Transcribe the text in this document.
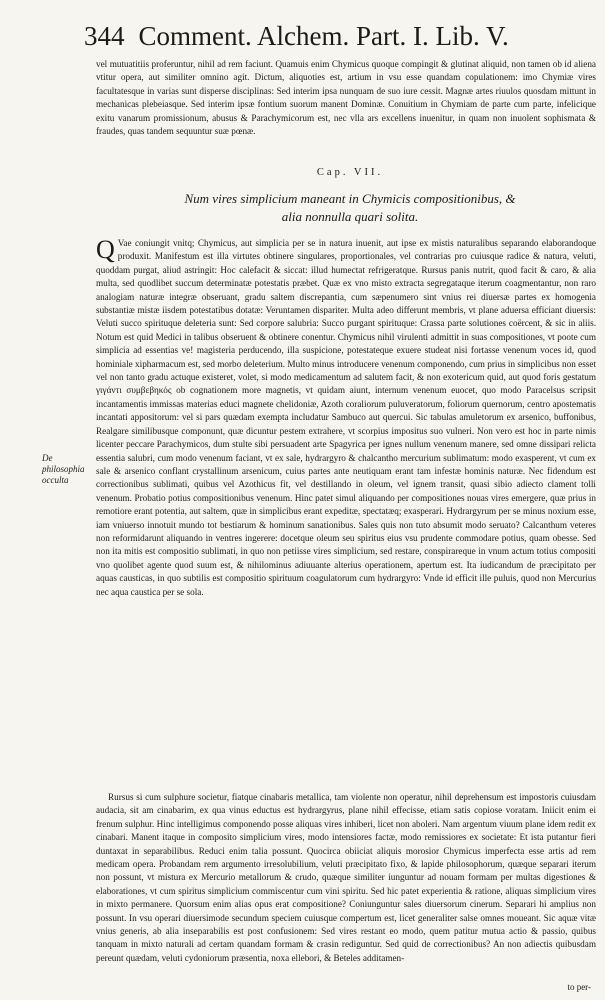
344 Comment. Alchem. Part. I. Lib. V.

vel mutuatitiis proferuntur, nihil ad rem faciunt. Quamuis enim Chymicus quoque compingit & glutinat aliquid, non tamen ob id aliena vtitur opera, aut similiter omnino agit. Dictum, aliquoties est, artium in vsu esse quandam copulationem: imo Chymiæ vires facultatesque in varias sunt disperse disciplinas: Sed interim ipsa nunquam de suo iure cessit. Magnæ artes riuulos quosdam mittunt in mechanicas plebeiasque. Sed interim ipsæ fontium suorum manent Dominæ. Conuitium in Chymiam de parte cum parte, infelicique exitu vanarum promissionum, abusus & Parachymicorum est, nec vlla ars excellens inuenitur, in quam non inuolent sophismata & fraudes, quas tandem sequuntur suæ pœnæ.

Cap. VII.
Num vires simplicium maneant in Chymicis compositionibus, &
alia nonnulla quari solita.
De philosophia occulta

Q Vae coniungit vnitq; Chymicus, aut simplicia per se in natura inuenit, aut ipse ex mistis naturalibus separando elaborandoque produxit. Manifestum est illa virtutes obtinere singulares, proportionales, vel contrarias pro cuiusque radice & natura, veluti, quoddam purgat, aliud astringit: Hoc calefacit & siccat: illud humectat refrigeratque. Rursus panis nutrit, quod facit & caro, & alia multa, sed quodlibet succum determinatæ potestatis præbet. Quæ ex vno misto extracta segregataque iterum coagmentantur, non raro analogiam naturæ integræ obseruant, gradu saltem discrepantia, cum sæpenumero sint vnius rei diuersæ partes ex homogenia substantiæ mistæ iisdem potestatibus dotatæ: Veruntamen dispariter. Multa adeo differunt membris, vt plane aduersa efficiant diuersis: Veluti succo spirituque deleteria sunt: Sed corpore salubria: Succo purgant spirituque: Crassa parte solutiones coërcent, & sic in aliis. Notum est quid Medici in talibus obseruent & obtinere conentur. Chymicus nihil virulenti admittit in suas compositiones, vt poote cum simplicia ad essentias ve! magisteria perducendo, illa suspicione, potestateque exuere studeat nisi fortasse venenum voces id, quod hominiale xipharmacum est, sed morbo deleterium. Multo minus introducere venenum componendo, cum prius in simplicibus non esset vel non tanto gradu actuque existeret, volet, si modo medicamentum ad salutem facit, & non exotericum quid, aut quod foris gestatum γιγάντι συμβεβηκός ob cognationem more magnetis, vt quidam aiunt, internum venenum euocet, quo modo Paracelsus scripsit incantamentis immissas materias educi magnete chelidoniæ, Azoth coraliorum puluveratorum, foliorum quernorum, centro apostematis incantati appositorum: vel si pars quædam exempta includatur Sambuco aut quercui. Sic tabulas amuletorum ex arsenico, buffonibus, Realgare similibusque componunt, quæ dicuntur pestem extrahere, vt scorpius impositus suo vulneri. Non vero est hoc in parte nimis licenter peccare Parachymicos, dum stulte sibi persuadent arte Spagyrica per ignes nullum venenum manere, sed omne dissipari relicta essentia salubri, cum modo venenum faciant, vt ex sale, hydrargyro & chalcantho mercurium sublimatum: modo exasperent, vt cum ex sale & arsenico conflant crystallinum arsenicum, cuius partes ante neutiquam erant tam infestæ hominis naturæ. Nec fidendum est correctionibus sublimati, quibus vel Azothicus fit, vel destillando in oleum, vel ignem transit, quasi sibio adiecto clament tolli venenum. Probatio potius compositionibus venenum. Hinc patet simul aliquando per compositiones nouas vires emergere, quæ prius in remotiore erant potentia, aut saltem, quæ in simplicibus erant expeditæ, spectatæq; exasperari. Hydrargyrum per se minus noxium esse, iam vniuerso innotuit mundo tot bestiarum & hominum sanationibus. Sales quis non tuto absumit modo seruato? Calcanthum veteres non reformidarunt aliquando in ventres ingerere: docetque oleum seu spiritus eius vsu prudente commodare potius, quam obesse. Sed non ita mitis est compositio sublimati, in quo non petiisse vires simplicium, sed restare, conspirareque in vnum actum totius compositi vno quolibet agente quod suum est, & nihilominus adiuuante alterius operationem, apertum est. Ita iudicandum de præcipitato per aquas causticas, in quo subtilis est compositio spirituum coagulatorum cum hydrargyro: Vnde id efficit ille puluis, quod non Mercurius nec aqua caustica per se sola.

Rursus si cum sulphure societur, fiatque cinabaris metallica, tam violente non operatur, nihil deprehensum est impostoris cuiusdam audacia, sit am cinabarim, ex qua vinus eductus est hydrargyrus, plane nihil effecisse, etiam satis copiose voratam. Iniicit enim ei frenum sulphur. Hinc intelligimus componendo posse aliquas vires inhiberi, licet non aboleri. Nam argentum viuum plane idem redit ex cinabari. Manent itaque in composito simplicium vires, modo intensiores factæ, modo remissiores ex societate: Et ista putantur fieri duntaxat in separabilibus. Reduci enim talia possunt. Quocirca obiiciat aliquis morosior Chymicus imperfecta esse artis ad rem medicam opera. Probandam rem argumento irresolubilium, veluti præcipitato fixo, & lapide philosophorum, quæque separari iterum non possunt, vt mistura ex Mercurio metallorum & crudo, quæque similiter iunguntur ad nouam formam per multas digestiones & elaborationes, vt cum spiritus simplicium commiscentur cum vini spiritu. Sed hic patet experientia & ratione, aliquas simplicium vires in mixto permanere. Quorsum enim alias opus erat compositione? Coniunguntur sales diuersorum cinerum. Separari hi amplius non possunt. In vsu operari diuersimode secundum speciem cuiusque compertum est, licet generaliter salse omnes moueant. Sic aquæ vitæ vnius generis, ab alia inseparabilis est post confusionem: Sed vires restant eo modo, quem patitur mutua actio & passio, quibus tanquam in mixto naturali ad certam quandam formam & crasin rediguntur. Sed quid de correctionibus? An non adiectis quibusdam pereunt quædam, veluti cydoniorum præsentia, noxa ellebori, & Beteles additamen-

to per-
